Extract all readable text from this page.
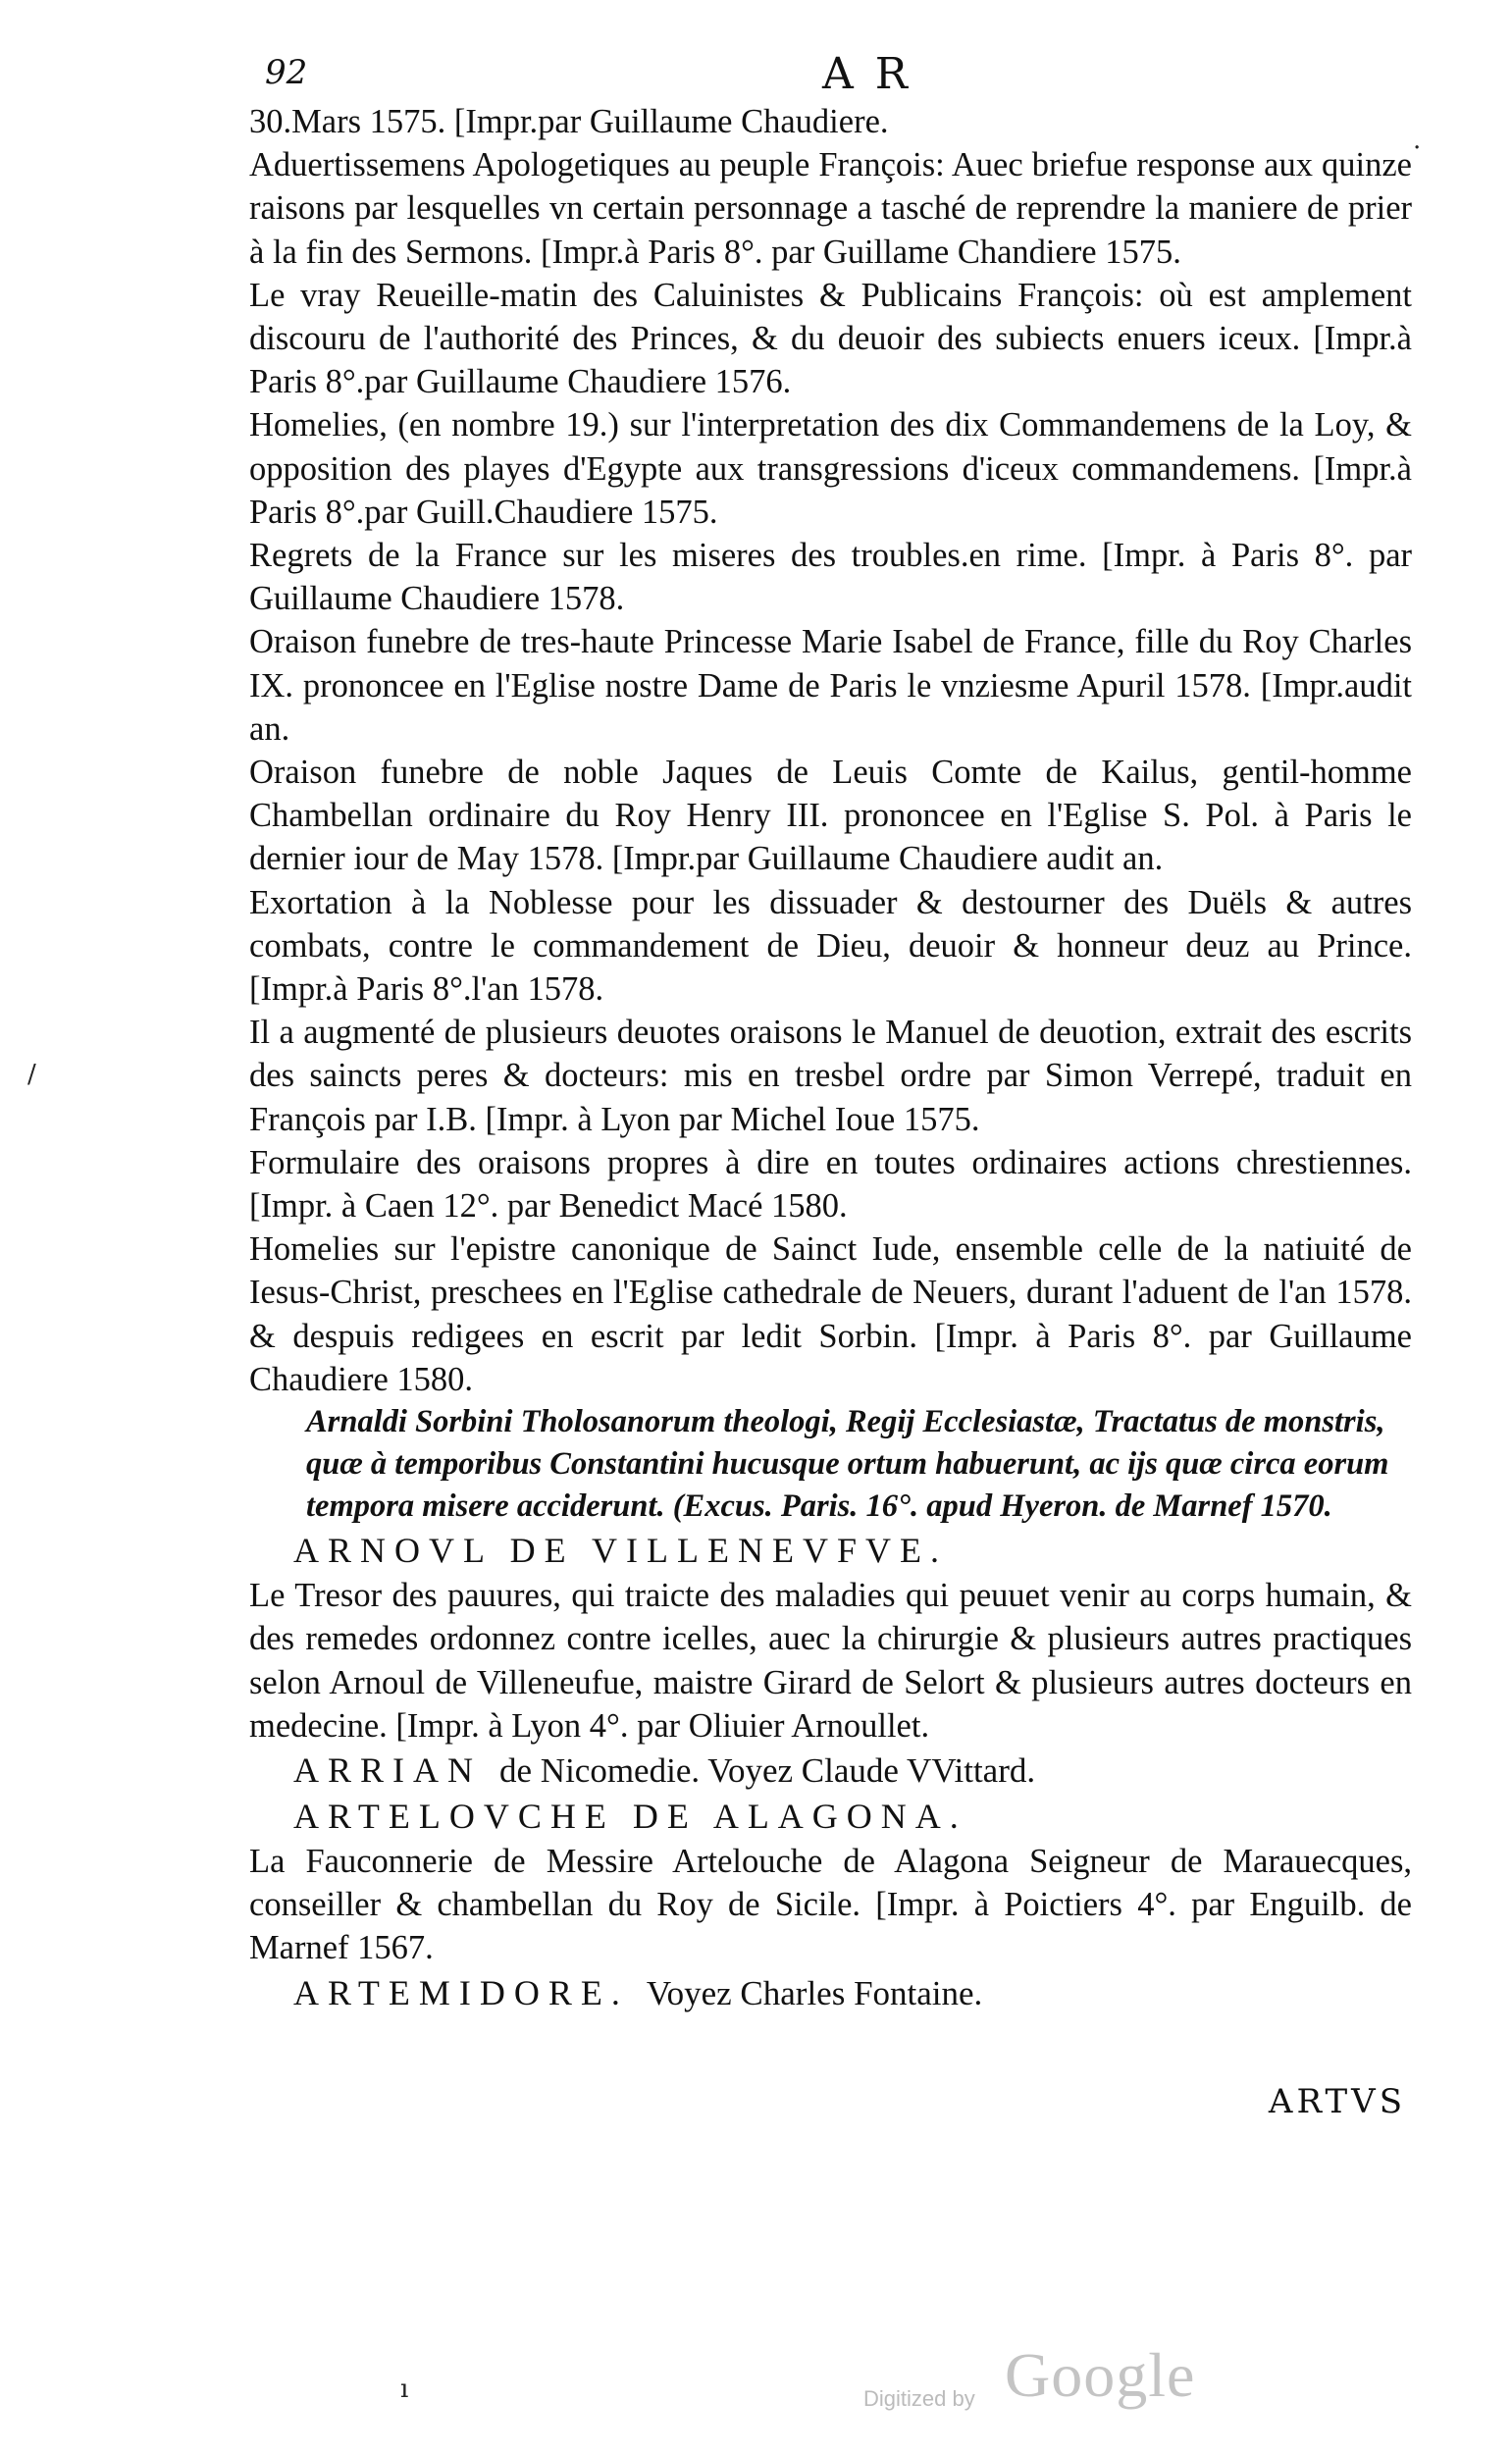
92	AR

30.Mars 1575. [Impr.par Guillaume Chaudiere.

Aduertissemens Apologetiques au peuple François: Auec briefue response aux quinze raisons par lesquelles vn certain personnage a tasché de reprendre la maniere de prier à la fin des Sermons. [Impr.à Paris 8°. par Guillame Chandiere 1575.

Le vray Reueille-matin des Caluinistes & Publicains François: où est amplement discouru de l'authorité des Princes, & du deuoir des subiects enuers iceux. [Impr.à Paris 8°.par Guillaume Chaudiere 1576.

Homelies, (en nombre 19.) sur l'interpretation des dix Commandemens de la Loy, & opposition des playes d'Egypte aux transgressions d'iceux commandemens. [Impr.à Paris 8°.par Guill.Chaudiere 1575.

Regrets de la France sur les miseres des troubles.en rime. [Impr. à Paris 8°. par Guillaume Chaudiere 1578.

Oraison funebre de tres-haute Princesse Marie Isabel de France, fille du Roy Charles IX. prononcee en l'Eglise nostre Dame de Paris le vnziesme Apuril 1578. [Impr.audit an.

Oraison funebre de noble Jaques de Leuis Comte de Kailus, gentil-homme Chambellan ordinaire du Roy Henry III. prononcee en l'Eglise S. Pol. à Paris le dernier iour de May 1578. [Impr.par Guillaume Chaudiere audit an.

Exortation à la Noblesse pour les dissuader & destourner des Duëls & autres combats, contre le commandement de Dieu, deuoir & honneur deuz au Prince. [Impr.à Paris 8°.l'an 1578.

Il a augmenté de plusieurs deuotes oraisons le Manuel de deuotion, extrait des escrits des saincts peres & docteurs: mis en tresbel ordre par Simon Verrepé, traduit en François par I.B. [Impr. à Lyon par Michel Ioue 1575.

Formulaire des oraisons propres à dire en toutes ordinaires actions chrestiennes. [Impr. à Caen 12°. par Benedict Macé 1580.

Homelies sur l'epistre canonique de Sainct Iude, ensemble celle de la natiuité de Iesus-Christ, preschees en l'Eglise cathedrale de Neuers, durant l'aduent de l'an 1578. & despuis redigees en escrit par ledit Sorbin. [Impr. à Paris 8°. par Guillaume Chaudiere 1580.

Arnaldi Sorbini Tholosanorum theologi, Regij Ecclesiastæ, Tractatus de monstris, quæ à temporibus Constantini hucusque ortum habuerunt, ac ijs quæ circa eorum tempora misere acciderunt. (Excus. Paris. 16°. apud Hyeron. de Marnef 1570.

ARNOVL DE VILLENEVFVE.

Le Tresor des pauures, qui traicte des maladies qui peuuet venir au corps humain, & des remedes ordonnez contre icelles, auec la chirurgie & plusieurs autres practiques selon Arnoul de Villeneufue, maistre Girard de Selort & plusieurs autres docteurs en medecine. [Impr. à Lyon 4°. par Oliuier Arnoullet.

ARRIAN de Nicomedie. Voyez Claude VVittard.

ARTELOVCHE DE ALAGONA.

La Fauconnerie de Messire Artelouche de Alagona Seigneur de Marauecques, conseiller & chambellan du Roy de Sicile. [Impr. à Poictiers 4°. par Enguilb. de Marnef 1567.

ARTEMIDORE. Voyez Charles Fontaine.

ARTVS
.
/
ı	Digitized by Google
